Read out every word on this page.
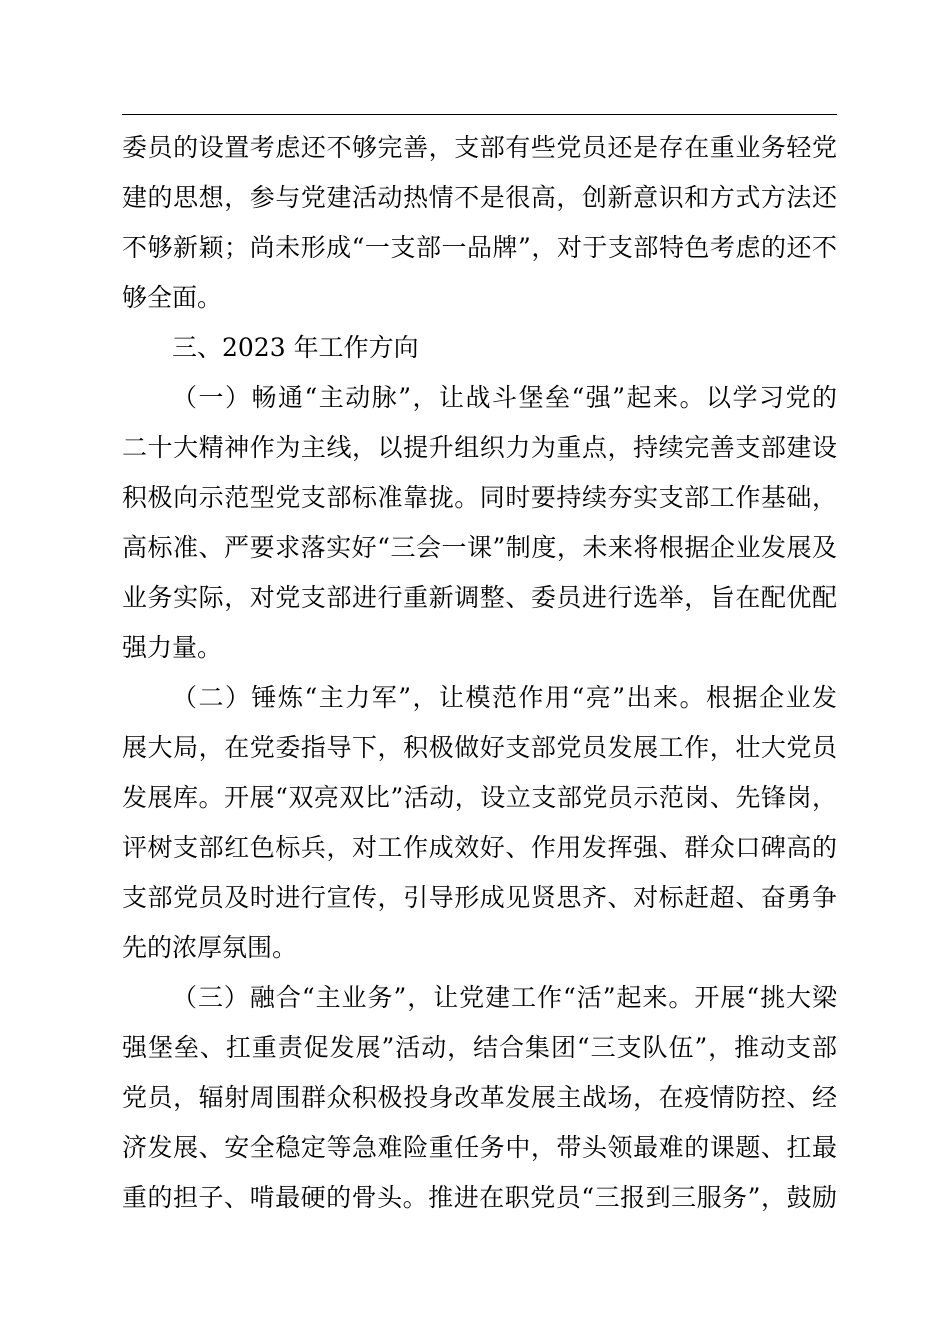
委员的设置考虑还不够完善，支部有些党员还是存在重业务轻党
建的思想，参与党建活动热情不是很高，创新意识和方式方法还
不够新颖；尚未形成“一支部一品牌”，对于支部特色考虑的还不
够全面。
三、2023 年工作方向
（一）畅通“主动脉”，让战斗堡垒“强”起来。以学习党的
二十大精神作为主线，以提升组织力为重点，持续完善支部建设
积极向示范型党支部标准靠拢。同时要持续夯实支部工作基础，
高标准、严要求落实好“三会一课”制度，未来将根据企业发展及
业务实际，对党支部进行重新调整、委员进行选举，旨在配优配
强力量。
（二）锤炼“主力军”，让模范作用“亮”出来。根据企业发
展大局，在党委指导下，积极做好支部党员发展工作，壮大党员
发展库。开展“双亮双比”活动，设立支部党员示范岗、先锋岗，
评树支部红色标兵，对工作成效好、作用发挥强、群众口碑高的
支部党员及时进行宣传，引导形成见贤思齐、对标赶超、奋勇争
先的浓厚氛围。
（三）融合“主业务”，让党建工作“活”起来。开展“挑大梁
强堡垒、扛重责促发展”活动，结合集团“三支队伍”，推动支部
党员，辐射周围群众积极投身改革发展主战场，在疫情防控、经
济发展、安全稳定等急难险重任务中，带头领最难的课题、扛最
重的担子、啃最硬的骨头。推进在职党员“三报到三服务”，鼓励
